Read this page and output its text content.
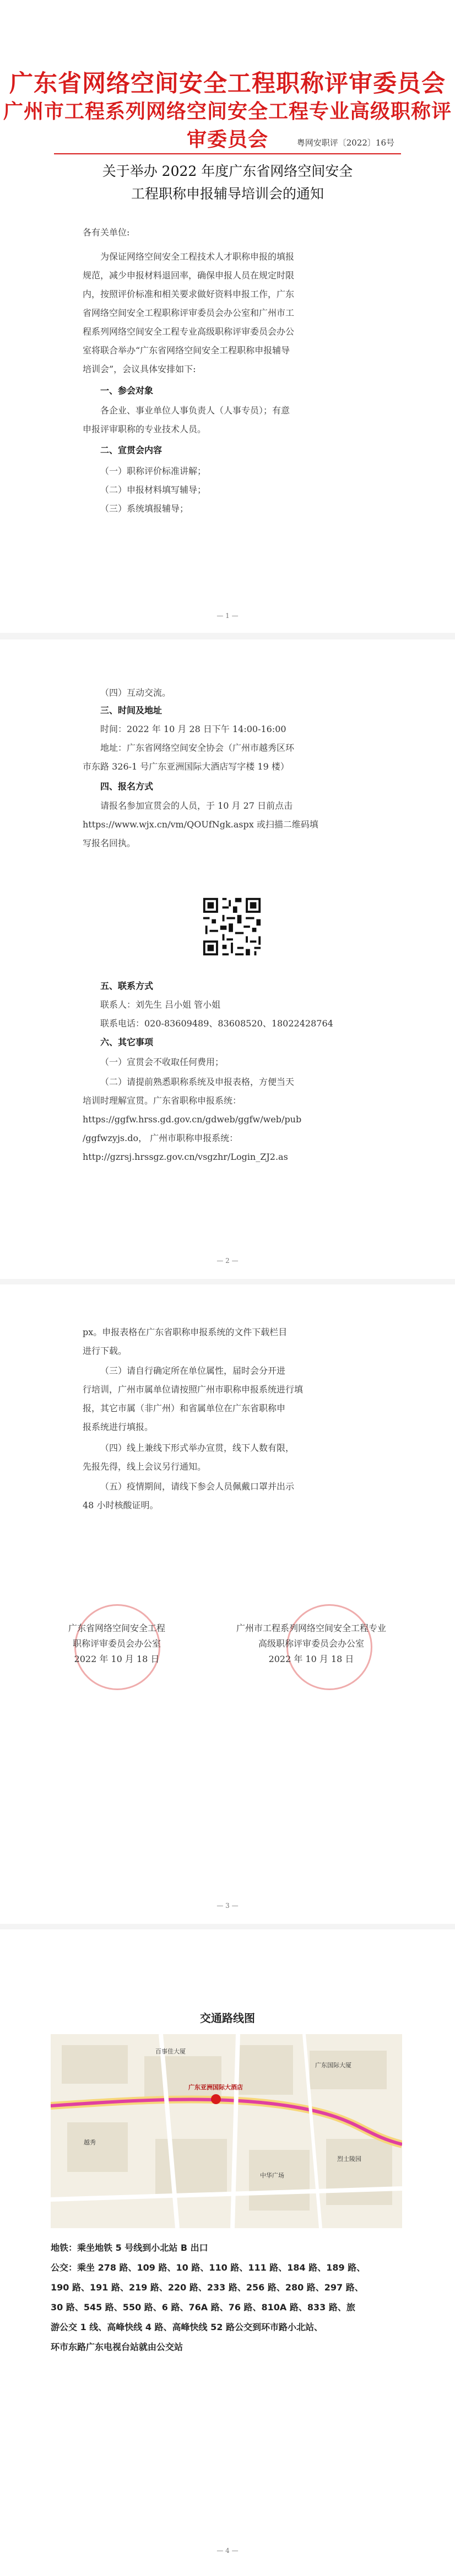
广东省网络空间安全工程职称评审委员会
广州市工程系列网络空间安全工程专业高级职称评审委员会	粤网安职评〔2022〕16号
关于举办 2022 年度广东省网络空间安全
工程职称申报辅导培训会的通知
各有关单位:
为保证网络空间安全工程技术人才职称申报的填报
规范，减少申报材料退回率，确保申报人员在规定时限
内，按照评价标准和相关要求做好资料申报工作，广东
省网络空间安全工程职称评审委员会办公室和广州市工
程系列网络空间安全工程专业高级职称评审委员会办公
室将联合举办“广东省网络空间安全工程职称申报辅导
培训会”，会议具体安排如下:
一、参会对象
各企业、事业单位人事负责人（人事专员）；有意
申报评审职称的专业技术人员。
二、宣贯会内容
（一）职称评价标准讲解；
（二）申报材料填写辅导；
（三）系统填报辅导；
— 1 —
（四）互动交流。
三、时间及地址
时间：2022 年 10 月 28 日下午 14:00-16:00
地址：广东省网络空间安全协会（广州市越秀区环
市东路 326-1 号广东亚洲国际大酒店写字楼 19 楼）
四、报名方式
请报名参加宣贯会的人员，于 10 月 27 日前点击
https://www.wjx.cn/vm/QOUfNgk.aspx 或扫描二维码填
写报名回执。
五、联系方式
联系人：刘先生 吕小姐 管小姐
联系电话：020-83609489、83608520、18022428764
六、其它事项
（一）宣贯会不收取任何费用；
（二）请提前熟悉职称系统及申报表格，方便当天
培训时理解宣贯。广东省职称申报系统：
https://ggfw.hrss.gd.gov.cn/gdweb/ggfw/web/pub
/ggfwzyjs.do， 广州市职称申报系统：
http://gzrsj.hrssgz.gov.cn/vsgzhr/Login_ZJ2.as
— 2 —
px。申报表格在广东省职称申报系统的文件下载栏目
进行下载。
（三）请自行确定所在单位属性，届时会分开进
行培训，广州市属单位请按照广州市职称申报系统进行填
报，其它市属（非广州）和省属单位在广东省职称申
报系统进行填报。
（四）线上兼线下形式举办宣贯，线下人数有限，
先报先得，线上会议另行通知。
（五）疫情期间，请线下参会人员佩戴口罩并出示
48 小时核酸证明。
广东省网络空间安全工程
职称评审委员会办公室
2022 年 10 月 18 日
广州市工程系列网络空间安全工程专业
高级职称评审委员会办公室
2022 年 10 月 18 日
— 3 —
交通路线图
百事佳大厦
广东国际大厦
广东亚洲国际大酒店
中华广场
烈士陵园
越秀
地铁：乘坐地铁 5 号线到小北站 B 出口
公交：乘坐 278 路、109 路、10 路、110 路、111 路、184 路、189 路、
190 路、191 路、219 路、220 路、233 路、256 路、280 路、297 路、
30 路、545 路、550 路、6 路、76A 路、76 路、810A 路、833 路、旅
游公交 1 线、高峰快线 4 路、高峰快线 52 路公交到环市路小北站、
环市东路广东电视台站就由公交站
— 4 —
